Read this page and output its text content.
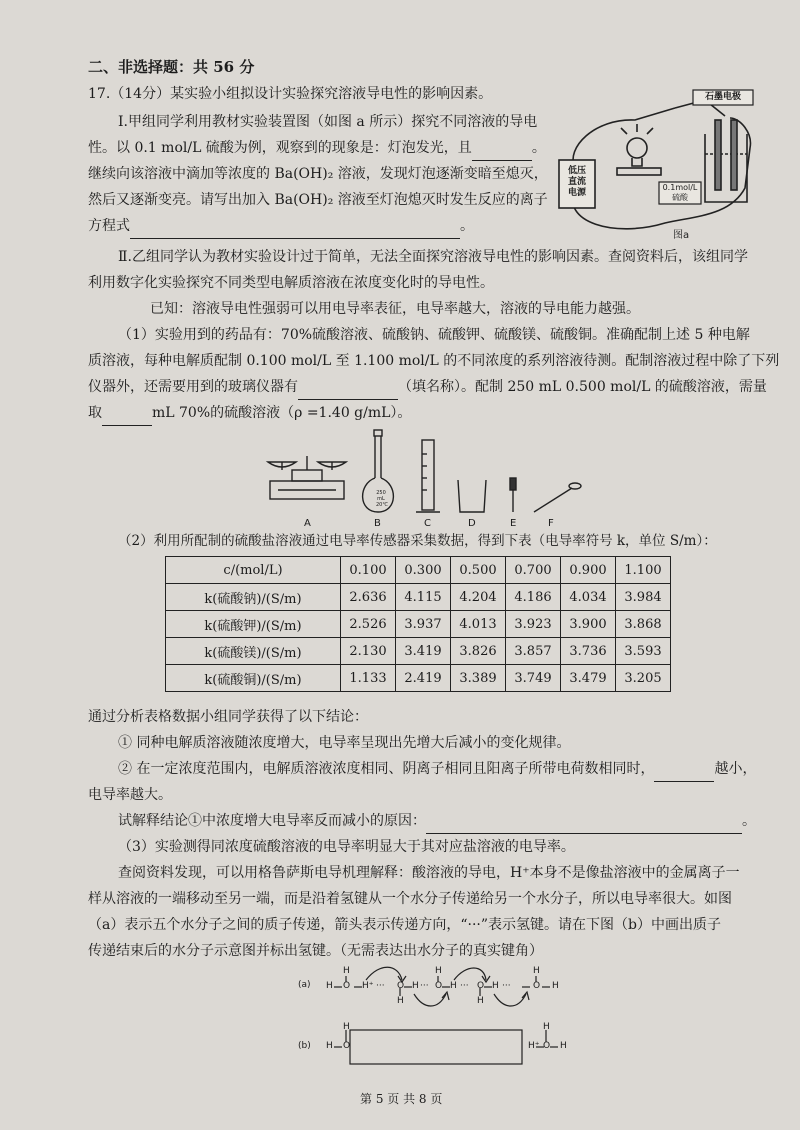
二、非选择题：共 56 分
17.（14分）某实验小组拟设计实验探究溶液导电性的影响因素。
Ⅰ.甲组同学利用教材实验装置图（如图 a 所示）探究不同溶液的导电
性。以 0.1 mol/L 硫酸为例，观察到的现象是：灯泡发光，且	。
继续向该溶液中滴加等浓度的 Ba(OH)₂ 溶液，发现灯泡逐渐变暗至熄灭，
然后又逐渐变亮。请写出加入 Ba(OH)₂ 溶液至灯泡熄灭时发生反应的离子
方程式	。
石墨电极
低压
直流
电源
0.1mol/L
硫酸
图a
Ⅱ.乙组同学认为教材实验设计过于简单，无法全面探究溶液导电性的影响因素。查阅资料后，该组同学
利用数字化实验探究不同类型电解质溶液在浓度变化时的导电性。
已知：溶液导电性强弱可以用电导率表征，电导率越大，溶液的导电能力越强。
（1）实验用到的药品有：70%硫酸溶液、硫酸钠、硫酸钾、硫酸镁、硫酸铜。准确配制上述 5 种电解
质溶液，每种电解质配制 0.100 mol/L 至 1.100 mol/L 的不同浓度的系列溶液待测。配制溶液过程中除了下列
仪器外，还需要用到的玻璃仪器有	（填名称）。配制 250 mL 0.500 mol/L 的硫酸溶液，需量
取	mL 70%的硫酸溶液（ρ =1.40 g/mL）。
250 mL
20℃
A	B	C	D	E	F
（2）利用所配制的硫酸盐溶液通过电导率传感器采集数据，得到下表（电导率符号 k，单位 S/m）：
c/(mol/L)	0.100	0.300	0.500	0.700	0.900	1.100
k(硫酸钠)/(S/m)	2.636	4.115	4.204	4.186	4.034	3.984
k(硫酸钾)/(S/m)	2.526	3.937	4.013	3.923	3.900	3.868
k(硫酸镁)/(S/m)	2.130	3.419	3.826	3.857	3.736	3.593
k(硫酸铜)/(S/m)	1.133	2.419	3.389	3.749	3.479	3.205
通过分析表格数据小组同学获得了以下结论：
① 同种电解质溶液随浓度增大，电导率呈现出先增大后减小的变化规律。
② 在一定浓度范围内，电解质溶液浓度相同、阴离子相同且阳离子所带电荷数相同时，	越小，
电导率越大。
试解释结论①中浓度增大电导率反而减小的原因：	。
（3）实验测得同浓度硫酸溶液的电导率明显大于其对应盐溶液的电导率。
查阅资料发现，可以用格鲁萨斯电导机理解释：酸溶液的导电，H⁺本身不是像盐溶液中的金属离子一
样从溶液的一端移动至另一端，而是沿着氢键从一个水分子传递给另一个水分子，所以电导率很大。如图
（a）表示五个水分子之间的质子传递，箭头表示传递方向，“···”表示氢键。请在下图（b）中画出质子
传递结束后的水分子示意图并标出氢键。（无需表达出水分子的真实键角）
(a) H O
H
H⁺ ··· O
H
H ··· O
H
H ··· O
H
H ··· O
H
H
(b) H O
H
H⁺ O
H
H
第 5 页 共 8 页
